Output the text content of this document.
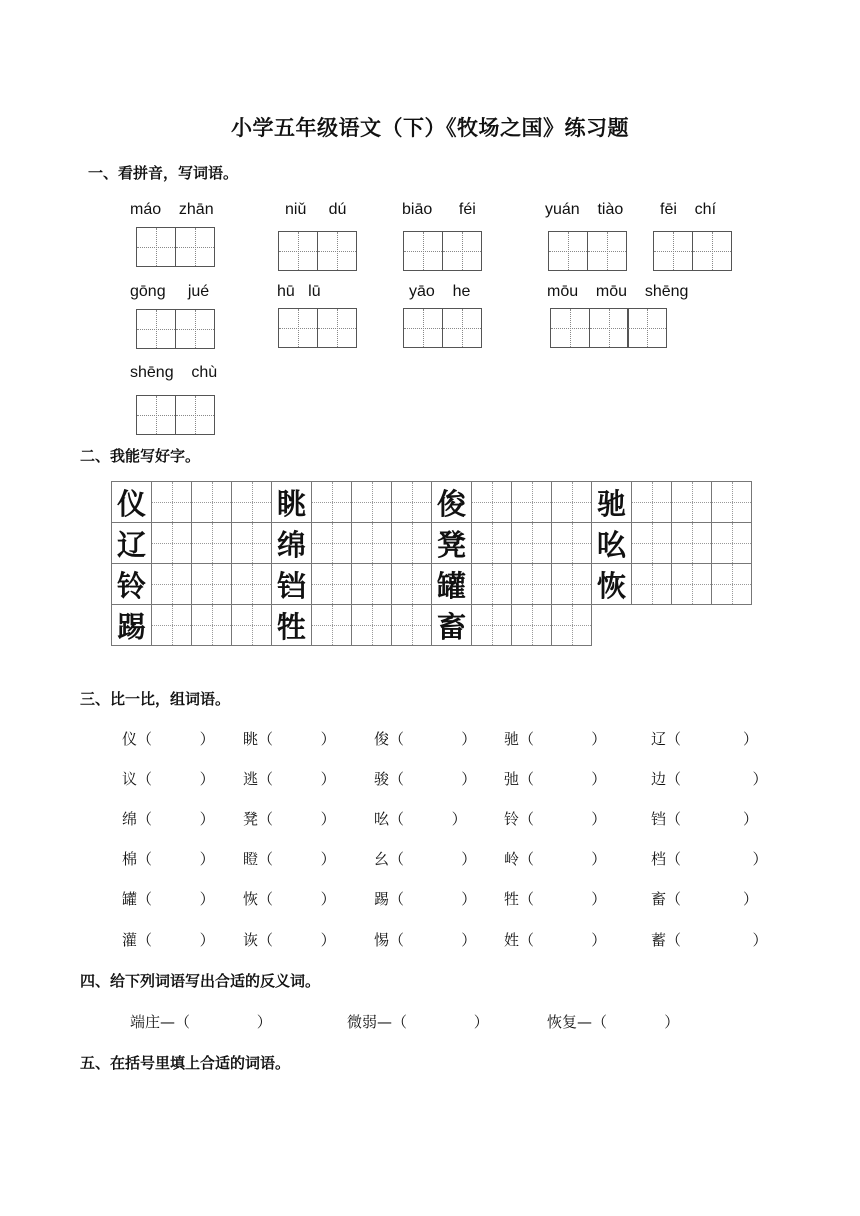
小学五年级语文（下）《牧场之国》练习题
一、看拼音，写词语。
máo    zhān	niǔ     dú	biāo      féi	yuán    tiào fēi    chí
gōng     jué	hū   lū	yāo    he	mōu    mōu    shēng
shēng    chù
二、我能写好字。
仪	眺	俊	驰
辽	绵	凳	吆
铃	铛	罐	恢
踢	牲	畜
三、比一比，组词语。
仪（          ） 眺（          ）	俊（            ） 驰（            ）	辽（             ）
议（          ） 逃（          ）	骏（            ） 弛（            ）	边（               ）
绵（          ） 凳（          ）	吆（          ） 铃（            ）	铛（             ）
棉（          ） 瞪（          ）	幺（            ） 岭（            ）	档（               ）
罐（          ） 恢（          ）	踢（            ） 牲（            ）	畜（             ）
灌（          ） 诙（          ）	惕（            ） 姓（            ）	蓄（               ）
四、给下列词语写出合适的反义词。
端庄—（              ）	微弱—（              ）	恢复—（            ）
五、在括号里填上合适的词语。
